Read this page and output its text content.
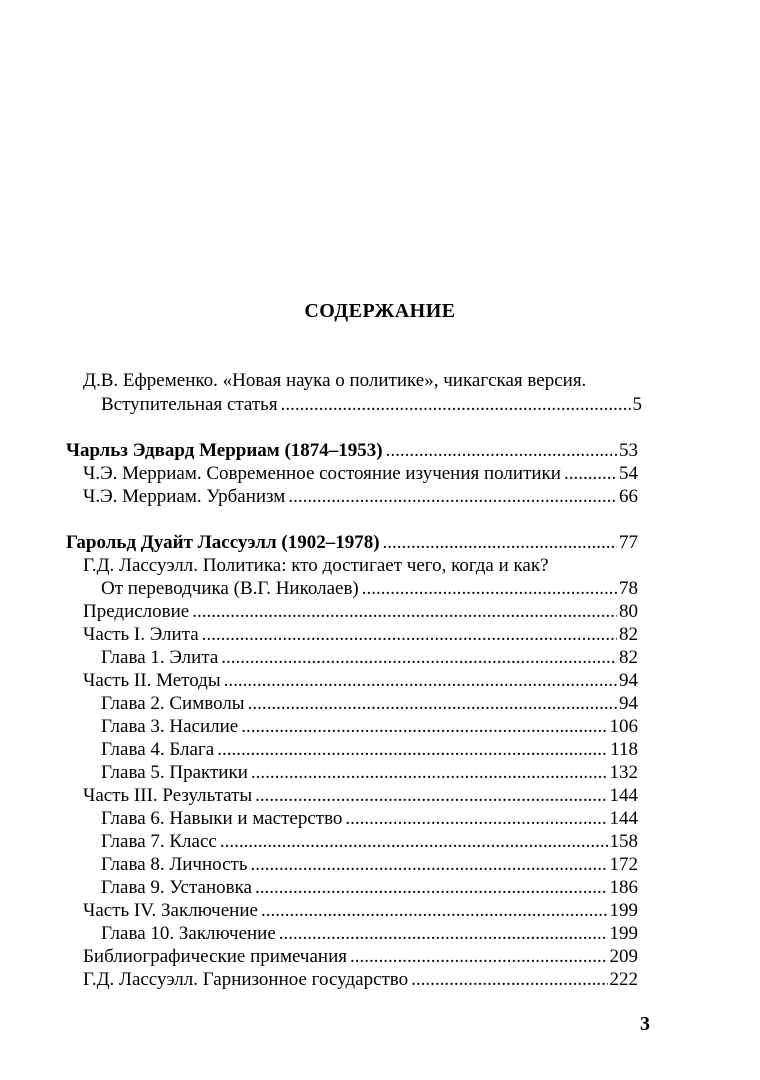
СОДЕРЖАНИЕ
Д.В. Ефременко. «Новая наука о политике», чикагская версия.
Вступительная статья .....	5
Чарльз Эдвард Мерриам (1874–1953) .....	53
Ч.Э. Мерриам. Современное состояние изучения политики .....	54
Ч.Э. Мерриам. Урбанизм .....	66
Гарольд Дуайт Лассуэлл (1902–1978) .....	77
Г.Д. Лассуэлл. Политика: кто достигает чего, когда и как?
От переводчика (В.Г. Николаев) .....	78
Предисловие .....	80
Часть I. Элита .....	82
Глава 1. Элита .....	82
Часть II. Методы .....	94
Глава 2. Символы .....	94
Глава 3. Насилие .....	106
Глава 4. Блага .....	118
Глава 5. Практики .....	132
Часть III. Результаты .....	144
Глава 6. Навыки и мастерство .....	144
Глава 7. Класс .....	158
Глава 8. Личность .....	172
Глава 9. Установка .....	186
Часть IV. Заключение .....	199
Глава 10. Заключение .....	199
Библиографические примечания .....	209
Г.Д. Лассуэлл. Гарнизонное государство .....	222
3
